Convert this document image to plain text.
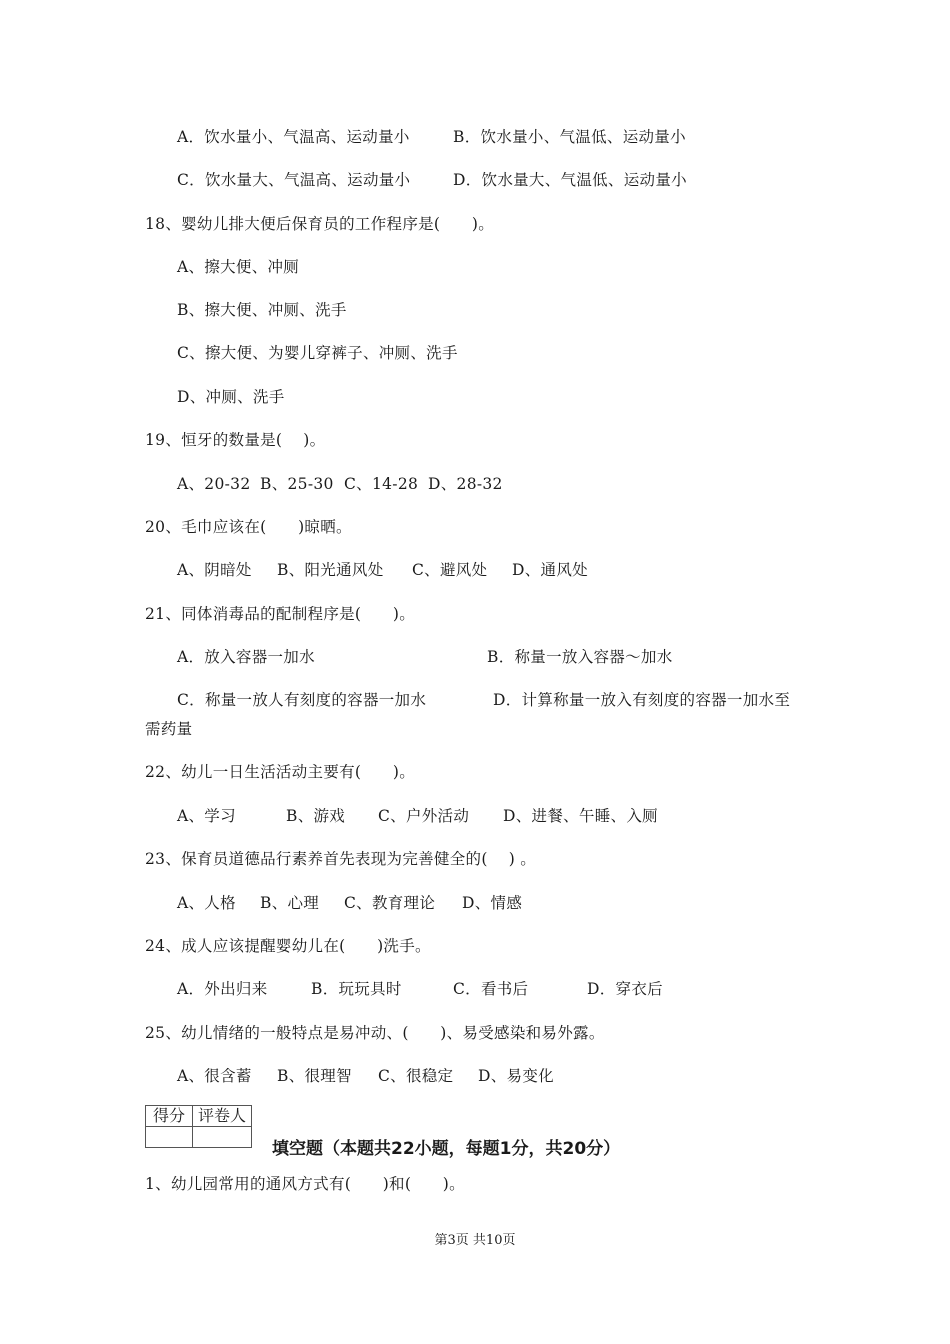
A．饮水量小、气温高、运动量小	B．饮水量小、气温低、运动量小
C．饮水量大、气温高、运动量小	D．饮水量大、气温低、运动量小
18、婴幼儿排大便后保育员的工作程序是(　　)。
A、擦大便、冲厕
B、擦大便、冲厕、洗手
C、擦大便、为婴儿穿裤子、冲厕、洗手
D、冲厕、洗手
19、恒牙的数量是(　 )。
A、20-32 B、25-30 C、14-28 D、28-32
20、毛巾应该在(　　)晾晒。
A、阴暗处 B、阳光通风处 C、避风处 D、通风处
21、同体消毒品的配制程序是(　　)。
A．放入容器一加水	B．称量一放入容器～加水
C．称量一放人有刻度的容器一加水	D．计算称量一放入有刻度的容器一加水至
需药量
22、幼儿一日生活活动主要有(　　)。
A、学习	B、游戏 C、户外活动 D、进餐、午睡、入厕
23、保育员道德品行素养首先表现为完善健全的(　 ) 。
A、人格 B、心理 C、教育理论 D、情感
24、成人应该提醒婴幼儿在(　　)洗手。
A．外出归来	B．玩玩具时	C．看书后	D．穿衣后
25、幼儿情绪的一般特点是易冲动、(　　)、易受感染和易外露。
A、很含蓄 B、很理智 C、很稳定 D、易变化
得分	评卷人

填空题（本题共22小题，每题1分，共20分）
1、幼儿园常用的通风方式有(　　)和(　　)。
第3页 共10页
